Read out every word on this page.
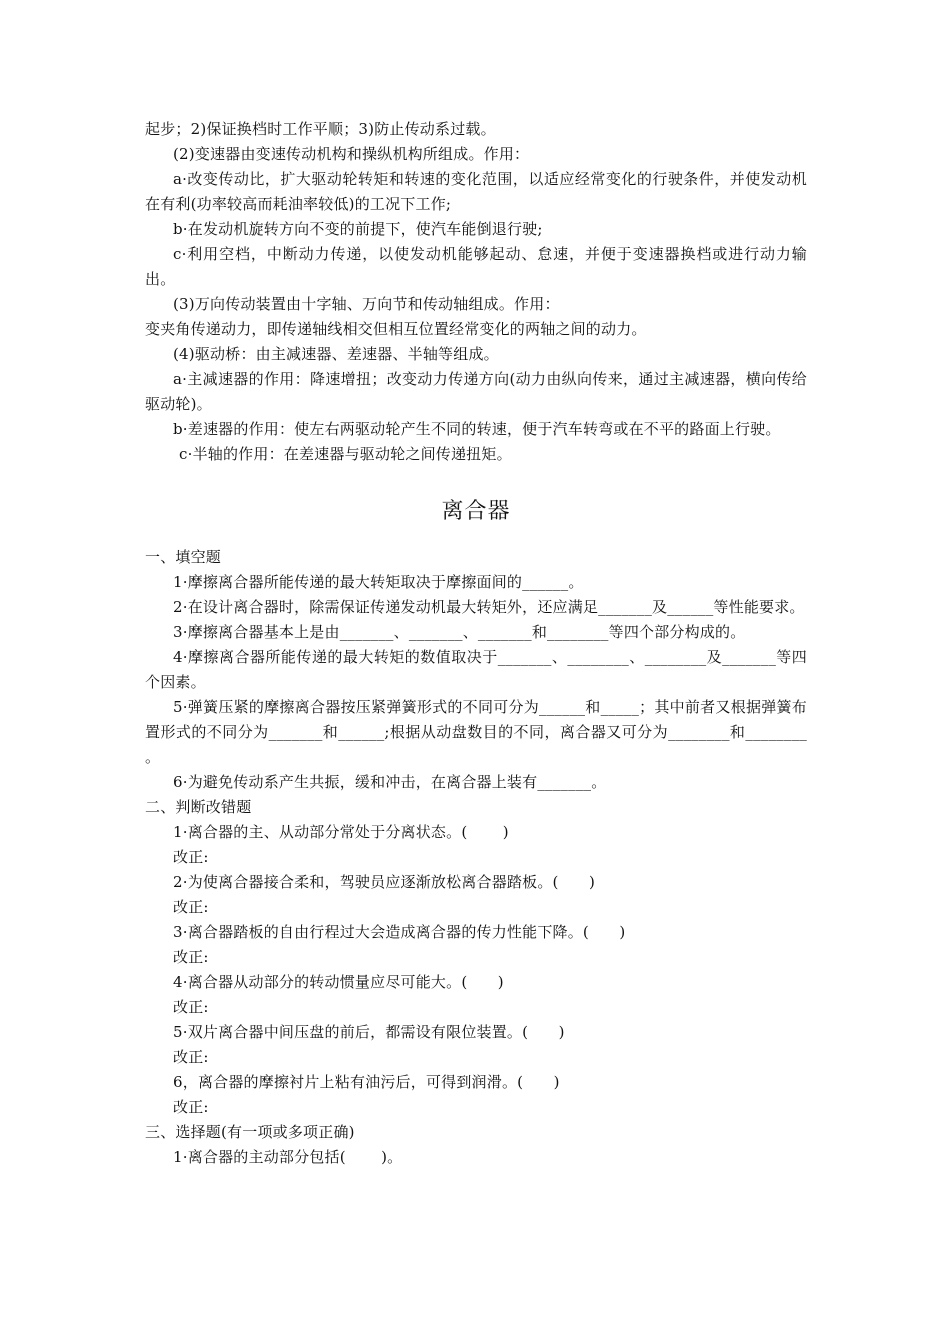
起步；2)保证换档时工作平顺；3)防止传动系过载。

(2)变速器由变速传动机构和操纵机构所组成。作用：

a·改变传动比，扩大驱动轮转矩和转速的变化范围，以适应经常变化的行驶条件，并使发动机在有利(功率较高而耗油率较低)的工况下工作;

b·在发动机旋转方向不变的前提下，使汽车能倒退行驶;

c·利用空档，中断动力传递，以使发动机能够起动、怠速，并便于变速器换档或进行动力输出。

(3)万向传动装置由十字轴、万向节和传动轴组成。作用：

变夹角传递动力，即传递轴线相交但相互位置经常变化的两轴之间的动力。

(4)驱动桥：由主减速器、差速器、半轴等组成。

a·主减速器的作用：降速增扭；改变动力传递方向(动力由纵向传来，通过主减速器，横向传给驱动轮)。

b·差速器的作用：使左右两驱动轮产生不同的转速，便于汽车转弯或在不平的路面上行驶。

c·半轴的作用：在差速器与驱动轮之间传递扭矩。

离合器

一、填空题

1·摩擦离合器所能传递的最大转矩取决于摩擦面间的______。

2·在设计离合器时，除需保证传递发动机最大转矩外，还应满足_______及______等性能要求。

3·摩擦离合器基本上是由_______、_______、_______和________等四个部分构成的。

4·摩擦离合器所能传递的最大转矩的数值取决于_______、________、________及_______等四个因素。

5·弹簧压紧的摩擦离合器按压紧弹簧形式的不同可分为______和_____；其中前者又根据弹簧布置形式的不同分为_______和______;根据从动盘数目的不同，离合器又可分为________和________ 。

6·为避免传动系产生共振，缓和冲击，在离合器上装有_______。

二、判断改错题

1·离合器的主、从动部分常处于分离状态。(　　 )

改正:

2·为使离合器接合柔和，驾驶员应逐渐放松离合器踏板。(　　)

改正:

3·离合器踏板的自由行程过大会造成离合器的传力性能下降。(　　)

改正:

4·离合器从动部分的转动惯量应尽可能大。(　　)

改正:

5·双片离合器中间压盘的前后，都需设有限位装置。(　　)

改正:

6，离合器的摩擦衬片上粘有油污后，可得到润滑。(　　)

改正:

三、选择题(有一项或多项正确)

1·离合器的主动部分包括(　　 )。
